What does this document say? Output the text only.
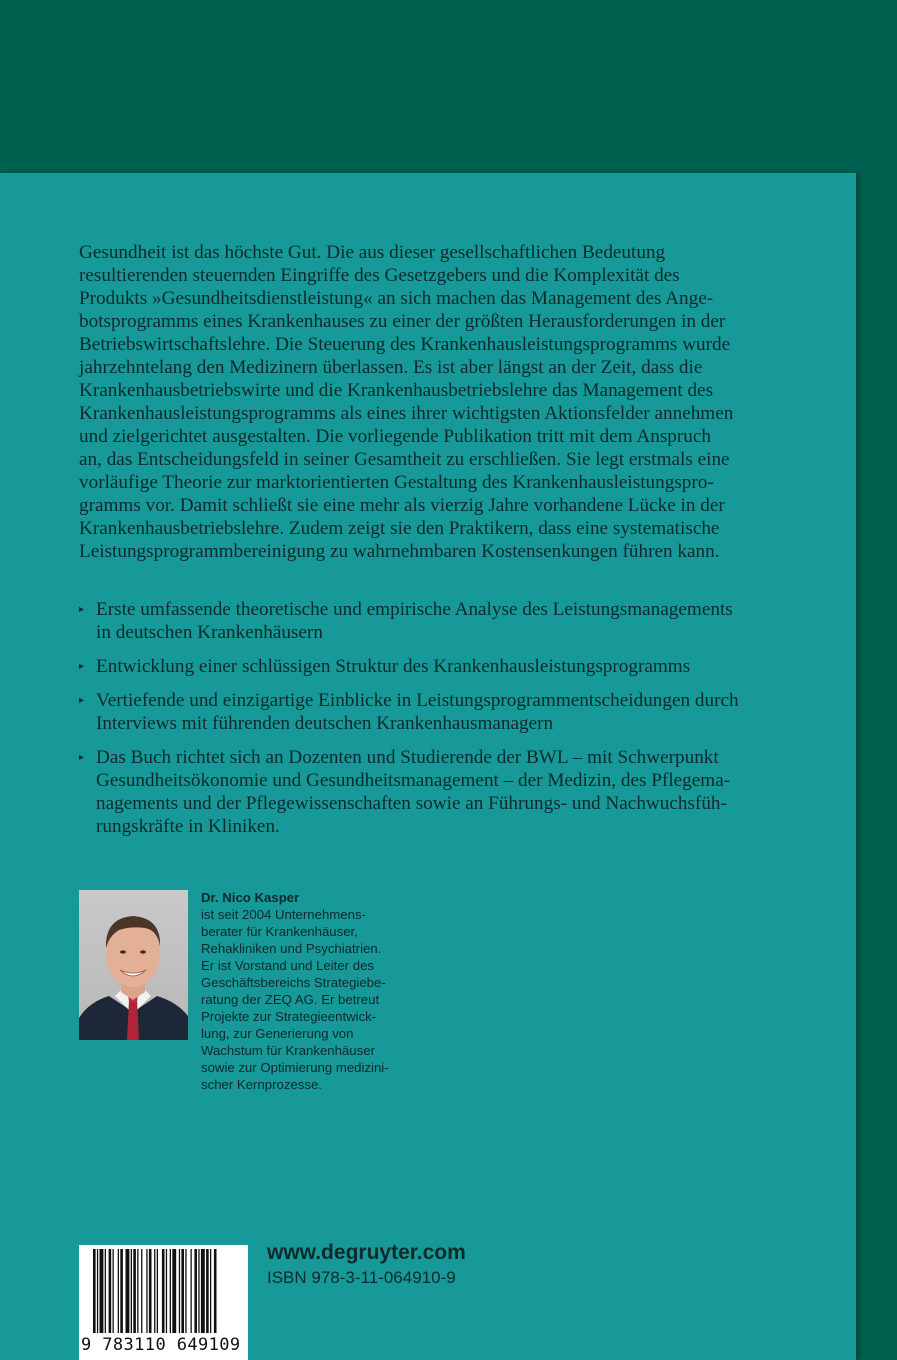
Gesundheit ist das höchste Gut. Die aus dieser gesellschaftlichen Bedeutung
resultierenden steuernden Eingriffe des Gesetzgebers und die Komplexität des
Produkts »Gesundheitsdienstleistung« an sich machen das Management des Ange-
botsprogramms eines Krankenhauses zu einer der größten Herausforderungen in der
Betriebswirtschaftslehre. Die Steuerung des Krankenhausleistungsprogramms wurde
jahrzehntelang den Medizinern überlassen. Es ist aber längst an der Zeit, dass die
Krankenhausbetriebswirte und die Krankenhausbetriebslehre das Management des
Krankenhausleistungsprogramms als eines ihrer wichtigsten Aktionsfelder annehmen
und zielgerichtet ausgestalten. Die vorliegende Publikation tritt mit dem Anspruch
an, das Entscheidungsfeld in seiner Gesamtheit zu erschließen. Sie legt erstmals eine
vorläufige Theorie zur marktorientierten Gestaltung des Krankenhausleistungspro-
gramms vor. Damit schließt sie eine mehr als vierzig Jahre vorhandene Lücke in der
Krankenhausbetriebslehre. Zudem zeigt sie den Praktikern, dass eine systematische
Leistungsprogrammbereinigung zu wahrnehmbaren Kostensenkungen führen kann.

▸ Erste umfassende theoretische und empirische Analyse des Leistungsmanagements
in deutschen Krankenhäusern
▸ Entwicklung einer schlüssigen Struktur des Krankenhausleistungsprogramms
▸ Vertiefende und einzigartige Einblicke in Leistungsprogrammentscheidungen durch
Interviews mit führenden deutschen Krankenhausmanagern
▸ Das Buch richtet sich an Dozenten und Studierende der BWL – mit Schwerpunkt
Gesundheitsökonomie und Gesundheitsmanagement – der Medizin, des Pflegema-
nagements und der Pflegewissenschaften sowie an Führungs- und Nachwuchsfüh-
rungskräfte in Kliniken.
Dr. Nico Kasper
ist seit 2004 Unternehmens-
berater für Krankenhäuser,
Rehakliniken und Psychiatrien.
Er ist Vorstand und Leiter des
Geschäftsbereichs Strategiebe-
ratung der ZEQ AG. Er betreut
Projekte zur Strategieentwick-
lung, zur Generierung von
Wachstum für Krankenhäuser
sowie zur Optimierung medizini-
scher Kernprozesse.
9 783110 649109
www.degruyter.com
ISBN 978-3-11-064910-9
